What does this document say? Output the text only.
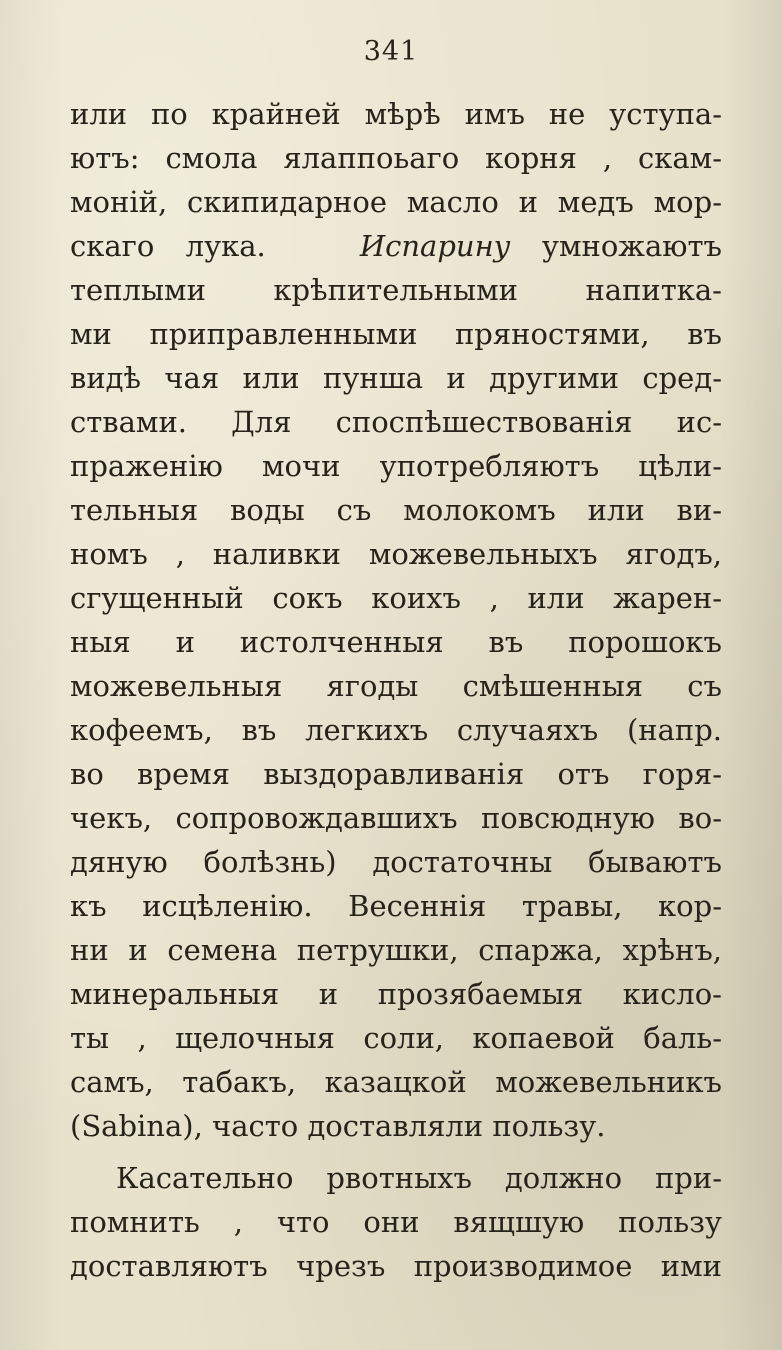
341
или по крайней мѣрѣ имъ не уступа-
ютъ: смола ялаппоьаго корня , скам-
моній, скипидарное масло и медъ мор-
скаго лука.	Испарину умножаютъ
теплыми крѣпительными напитка-
ми приправленными пряностями, въ
видѣ чая или пунша и другими сред-
ствами. Для споспѣшествованія ис-
праженію мочи употребляютъ цѣли-
тельныя воды съ молокомъ или ви-
номъ , наливки можевельныхъ ягодъ,
сгущенный сокъ коихъ , или жарен-
ныя и истолченныя въ порошокъ
можевельныя ягоды смѣшенныя съ
кофеемъ, въ легкихъ случаяхъ (напр.
во время выздоравливанія отъ горя-
чекъ, сопровождавшихъ повсюдную во-
дяную болѣзнь) достаточны бываютъ
къ исцѣленію. Весеннія травы, кор-
ни и семена петрушки, спаржа, хрѣнъ,
минеральныя и прозябаемыя кисло-
ты , щелочныя соли, копаевой баль-
самъ, табакъ, казацкой можевельникъ
(Sabina), часто доставляли пользу.
Касательно рвотныхъ должно при-
помнить , что они вящшую пользу
доставляютъ чрезъ производимое ими
